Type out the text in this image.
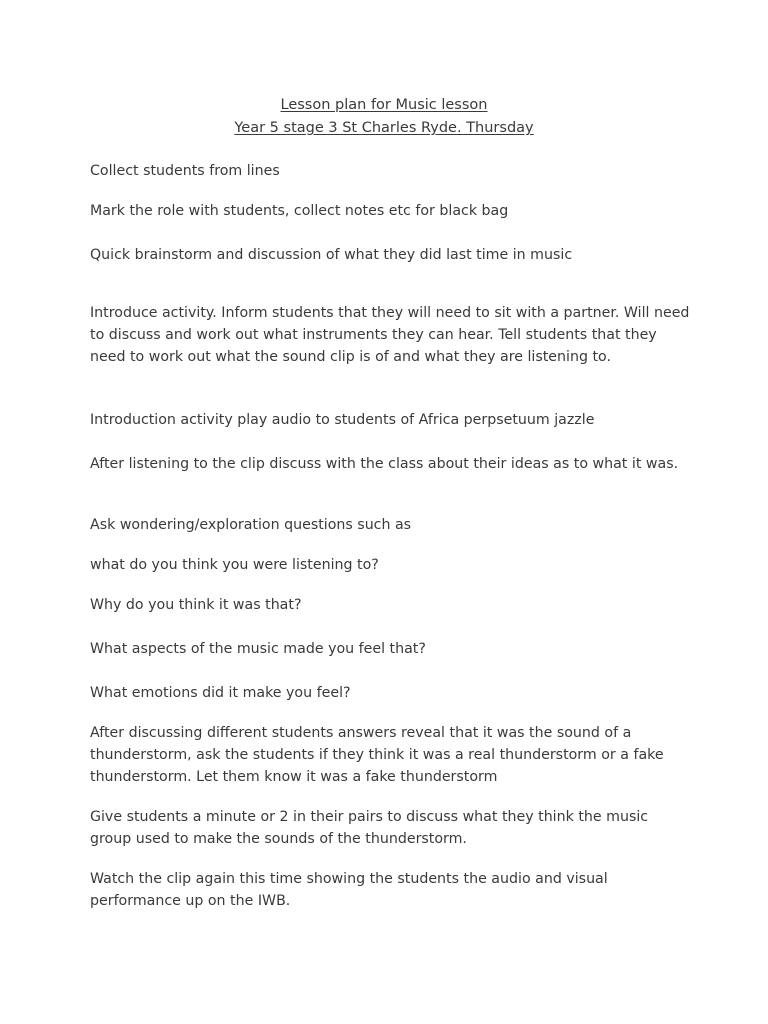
Lesson plan for Music lesson
Year 5 stage 3 St Charles Ryde. Thursday

Collect students from lines

Mark the role with students, collect notes etc for black bag

Quick brainstorm and discussion of what they did last time in music

Introduce activity. Inform students that they will need to sit with a partner. Will need to discuss and work out what instruments they can hear. Tell students that they need to work out what the sound clip is of and what they are listening to.

Introduction activity play audio to students of Africa perpsetuum jazzle

After listening to the clip discuss with the class about their ideas as to what it was.

Ask wondering/exploration questions such as

what do you think you were listening to?

Why do you think it was that?

What aspects of the music made you feel that?

What emotions did it make you feel?

After discussing different students answers reveal that it was the sound of a thunderstorm, ask the students if they think it was a real thunderstorm or a fake thunderstorm. Let them know it was a fake thunderstorm

Give students a minute or 2 in their pairs to discuss what they think the music group used to make the sounds of the thunderstorm.

Watch the clip again this time showing the students the audio and visual performance up on the IWB.
